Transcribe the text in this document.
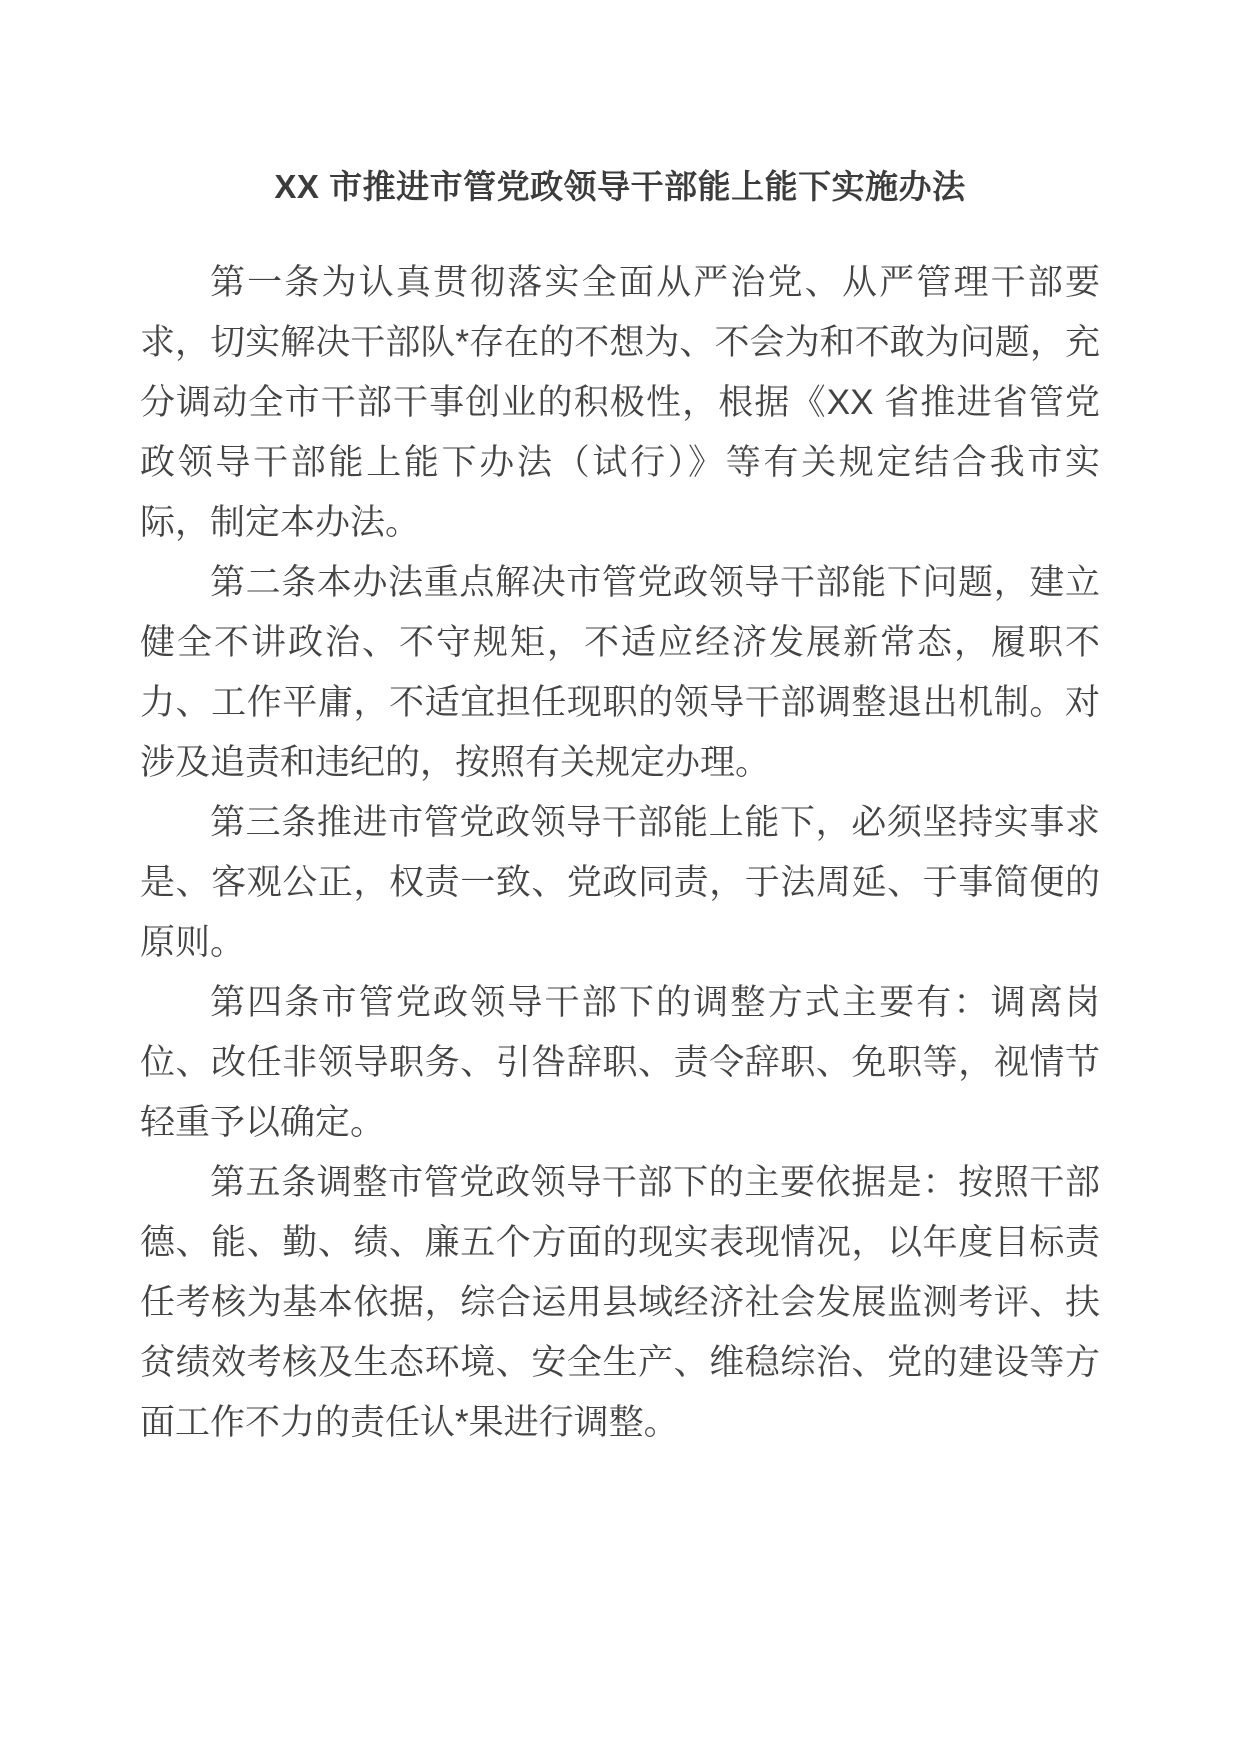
XX 市推进市管党政领导干部能上能下实施办法

第一条为认真贯彻落实全面从严治党、从严管理干部要求，切实解决干部队*存在的不想为、不会为和不敢为问题，充分调动全市干部干事创业的积极性，根据《XX 省推进省管党政领导干部能上能下办法（试行）》等有关规定结合我市实际，制定本办法。

第二条本办法重点解决市管党政领导干部能下问题，建立健全不讲政治、不守规矩，不适应经济发展新常态，履职不力、工作平庸，不适宜担任现职的领导干部调整退出机制。对涉及追责和违纪的，按照有关规定办理。

第三条推进市管党政领导干部能上能下，必须坚持实事求是、客观公正，权责一致、党政同责，于法周延、于事简便的原则。

第四条市管党政领导干部下的调整方式主要有：调离岗位、改任非领导职务、引咎辞职、责令辞职、免职等，视情节轻重予以确定。

第五条调整市管党政领导干部下的主要依据是：按照干部德、能、勤、绩、廉五个方面的现实表现情况，以年度目标责任考核为基本依据，综合运用县域经济社会发展监测考评、扶贫绩效考核及生态环境、安全生产、维稳综治、党的建设等方面工作不力的责任认*果进行调整。
